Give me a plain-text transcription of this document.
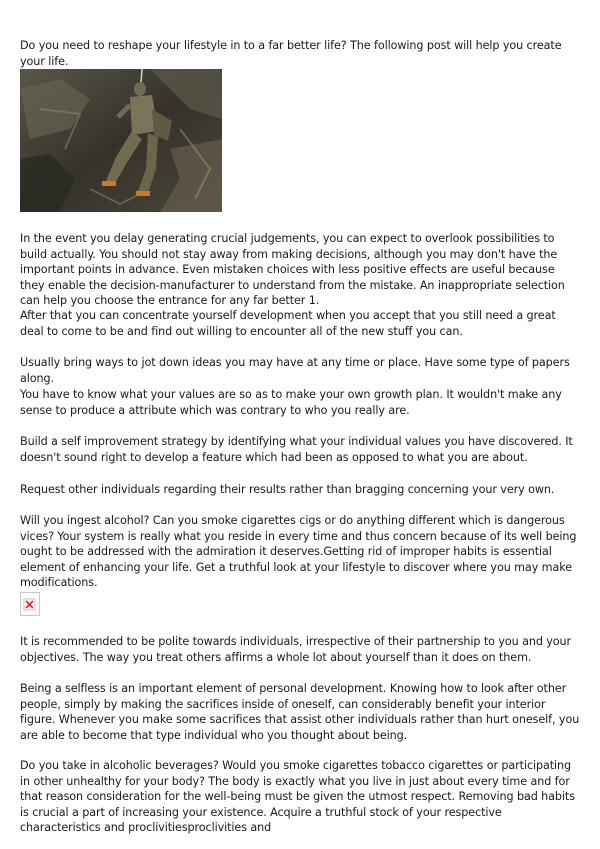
Do you need to reshape your lifestyle in to a far better life? The following post will help you create your life.

In the event you delay generating crucial judgements, you can expect to overlook possibilities to build actually. You should not stay away from making decisions, although you may don't have the important points in advance. Even mistaken choices with less positive effects are useful because they enable the decision-manufacturer to understand from the mistake. An inappropriate selection can help you choose the entrance for any far better 1.

After that you can concentrate yourself development when you accept that you still need a great deal to come to be and find out willing to encounter all of the new stuff you can.

Usually bring ways to jot down ideas you may have at any time or place. Have some type of papers along.

You have to know what your values are so as to make your own growth plan. It wouldn't make any sense to produce a attribute which was contrary to who you really are.

Build a self improvement strategy by identifying what your individual values you have discovered. It doesn't sound right to develop a feature which had been as opposed to what you are about.

Request other individuals regarding their results rather than bragging concerning your very own.

Will you ingest alcohol? Can you smoke cigarettes cigs or do anything different which is dangerous vices? Your system is really what you reside in every time and thus concern because of its well being ought to be addressed with the admiration it deserves.Getting rid of improper habits is essential element of enhancing your life. Get a truthful look at your lifestyle to discover where you may make modifications.

It is recommended to be polite towards individuals, irrespective of their partnership to you and your objectives. The way you treat others affirms a whole lot about yourself than it does on them.

Being a selfless is an important element of personal development. Knowing how to look after other people, simply by making the sacrifices inside of oneself, can considerably benefit your interior figure. Whenever you make some sacrifices that assist other individuals rather than hurt oneself, you are able to become that type individual who you thought about being.

Do you take in alcoholic beverages? Would you smoke cigarettes tobacco cigarettes or participating in other unhealthy for your body? The body is exactly what you live in just about every time and for that reason consideration for the well-being must be given the utmost respect. Removing bad habits is crucial a part of increasing your existence. Acquire a truthful stock of your respective characteristics and proclivitiesproclivities and
